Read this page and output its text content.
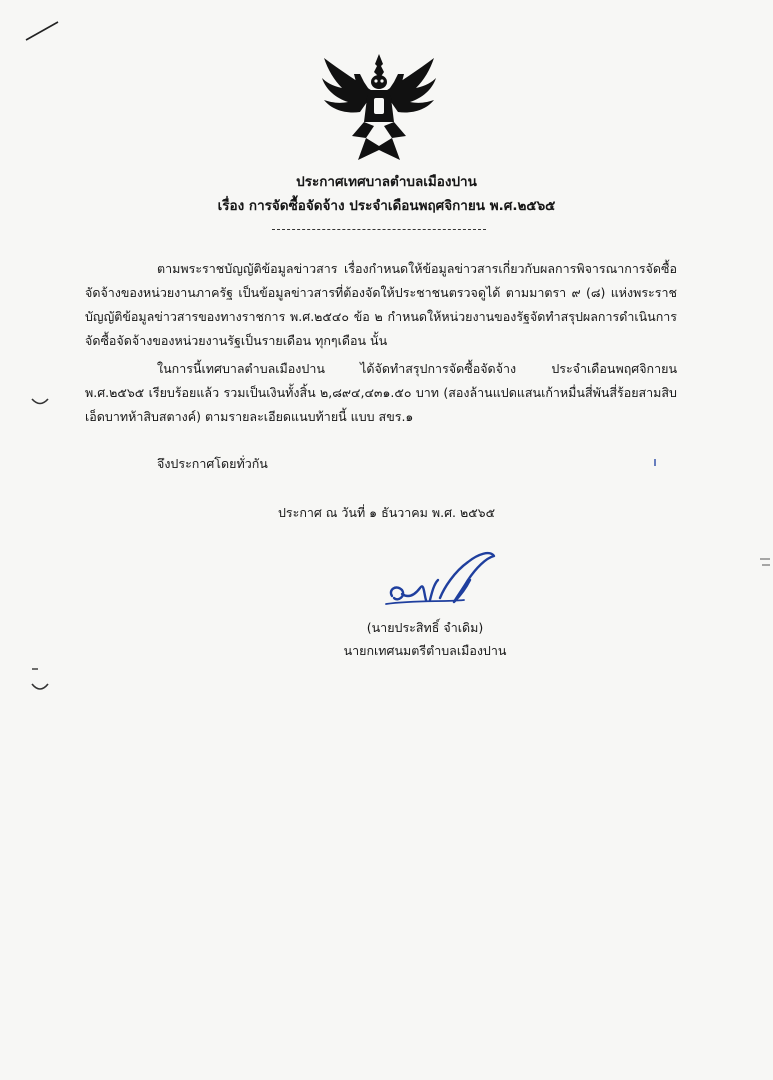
ประกาศเทศบาลตำบลเมืองปาน
เรื่อง การจัดซื้อจัดจ้าง ประจำเดือนพฤศจิกายน พ.ศ.๒๕๖๕

ตามพระราชบัญญัติข้อมูลข่าวสาร เรื่องกำหนดให้ข้อมูลข่าวสารเกี่ยวกับผลการพิจารณาการจัดซื้อจัดจ้างของหน่วยงานภาครัฐ เป็นข้อมูลข่าวสารที่ต้องจัดให้ประชาชนตรวจดูได้ ตามมาตรา ๙ (๘) แห่งพระราชบัญญัติข้อมูลข่าวสารของทางราชการ พ.ศ.๒๕๔๐ ข้อ ๒ กำหนดให้หน่วยงานของรัฐจัดทำสรุปผลการดำเนินการจัดซื้อจัดจ้างของหน่วยงานรัฐเป็นรายเดือน ทุกๆเดือน นั้น

ในการนี้เทศบาลตำบลเมืองปาน ได้จัดทำสรุปการจัดซื้อจัดจ้าง ประจำเดือนพฤศจิกายน พ.ศ.๒๕๖๕ เรียบร้อยแล้ว รวมเป็นเงินทั้งสิ้น ๒,๘๙๔,๔๓๑.๕๐ บาท (สองล้านแปดแสนเก้าหมื่นสี่พันสี่ร้อยสามสิบเอ็ดบาทห้าสิบสตางค์) ตามรายละเอียดแนบท้ายนี้ แบบ สขร.๑

จึงประกาศโดยทั่วกัน
ประกาศ ณ วันที่ ๑ ธันวาคม พ.ศ. ๒๕๖๕
(นายประสิทธิ์ จำเดิม)
นายกเทศนมตรีตำบลเมืองปาน
